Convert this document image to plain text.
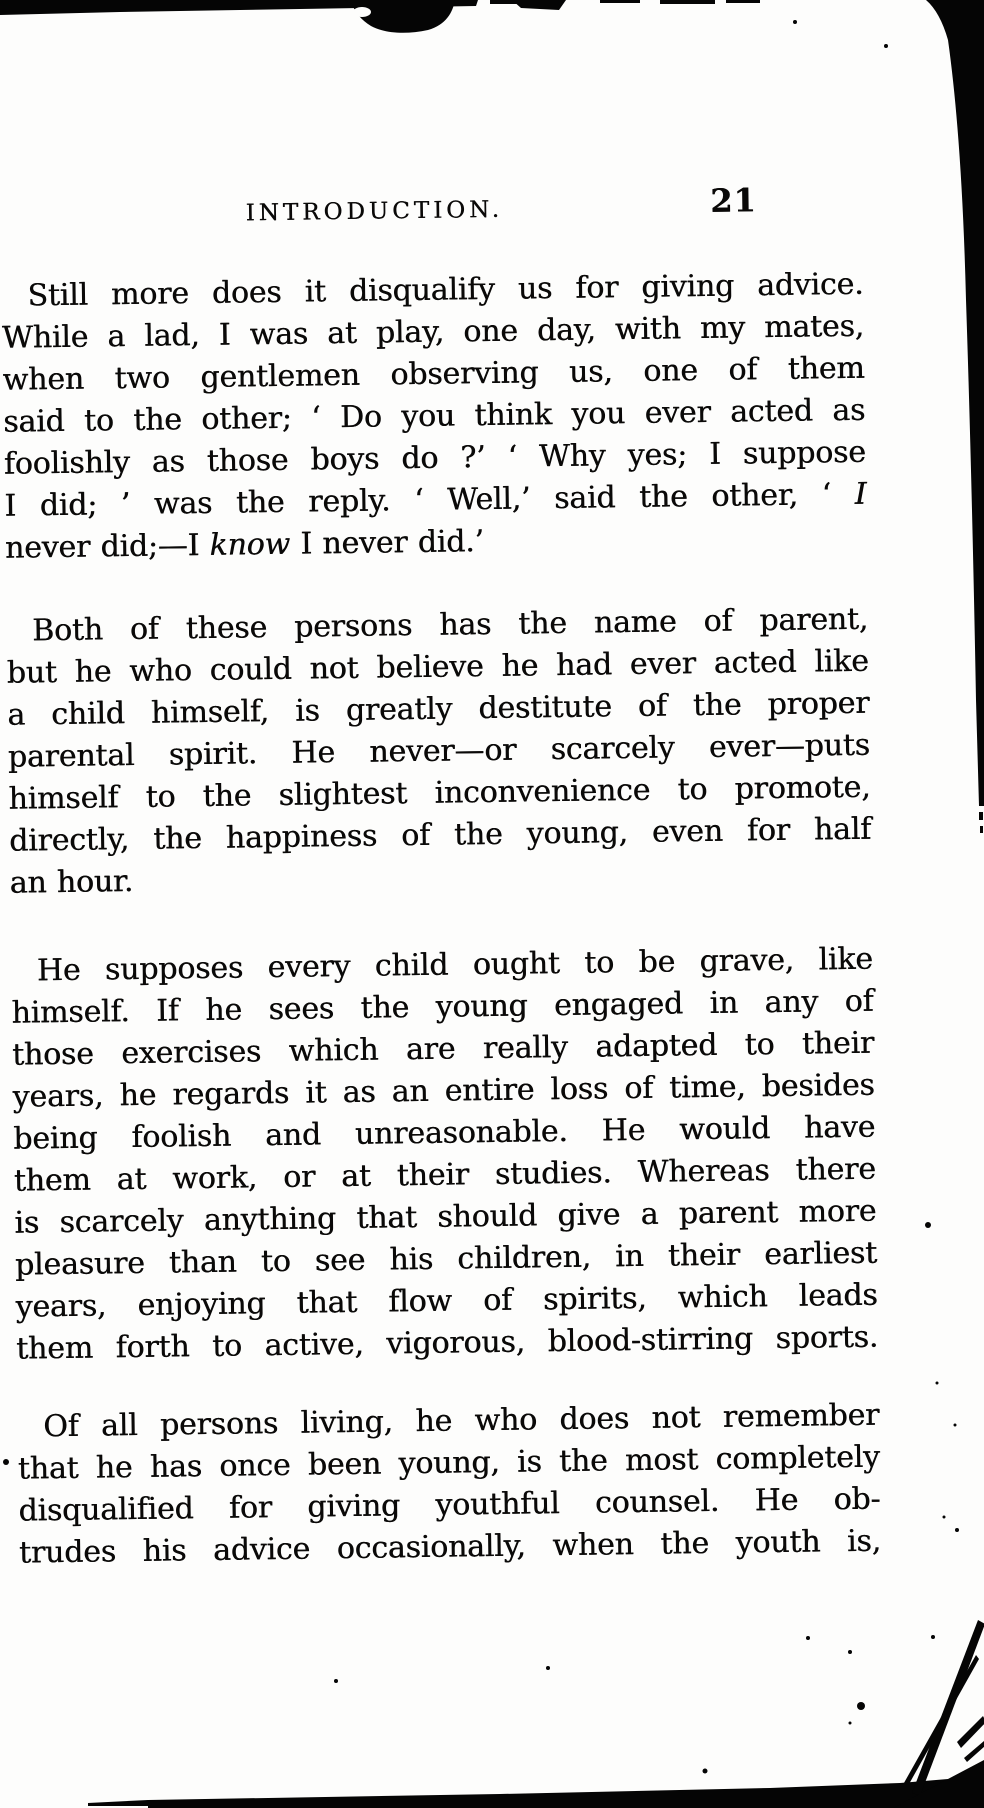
INTRODUCTION.	21
Still more does it disqualify us for giving advice.
While a lad, I was at play, one day, with my mates,
when two gentlemen observing us, one of them
said to the other; ‘ Do you think you ever acted as
foolishly as those boys do ?’ ‘ Why yes; I suppose
I did; ’ was the reply. ‘ Well,’ said the other, ‘ I
never did;—I know I never did.’
Both of these persons has the name of parent,
but he who could not believe he had ever acted like
a child himself, is greatly destitute of the proper
parental spirit. He never—or scarcely ever—puts
himself to the slightest inconvenience to promote,
directly, the happiness of the young, even for half
an hour.
He supposes every child ought to be grave, like
himself. If he sees the young engaged in any of
those exercises which are really adapted to their
years, he regards it as an entire loss of time, besides
being foolish and unreasonable. He would have
them at work, or at their studies. Whereas there
is scarcely anything that should give a parent more
pleasure than to see his children, in their earliest
years, enjoying that flow of spirits, which leads
them forth to active, vigorous, blood-stirring sports.
Of all persons living, he who does not remember
that he has once been young, is the most completely
disqualified for giving youthful counsel. He ob-
trudes his advice occasionally, when the youth is,
